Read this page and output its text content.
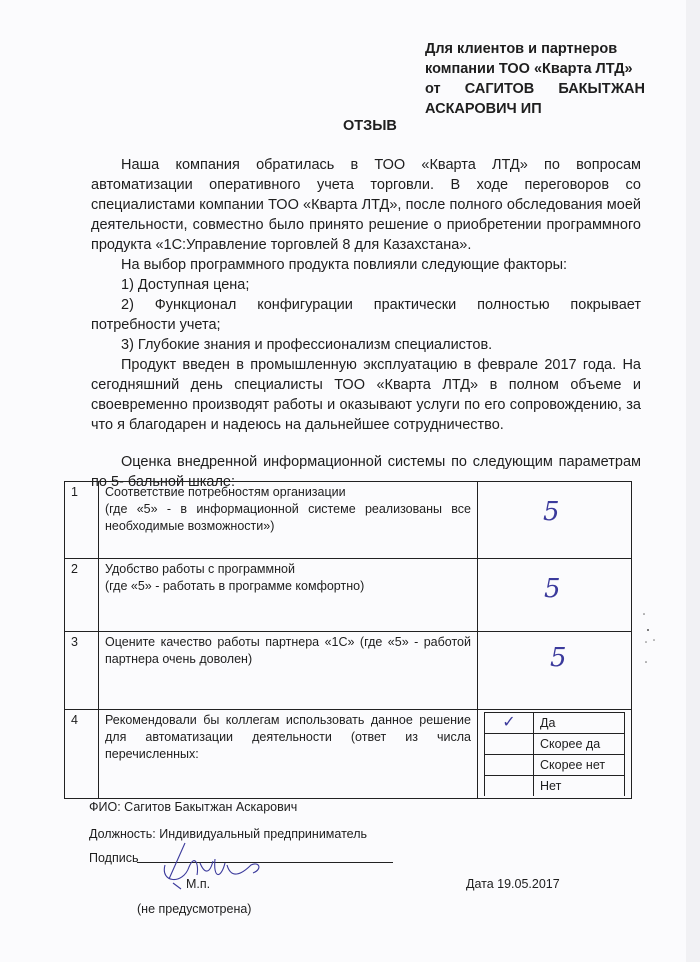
Для клиентов и партнеров
компании ТОО «Кварта ЛТД»
от САГИТОВ БАКЫТЖАН
АСКАРОВИЧ ИП
ОТЗЫВ
Наша компания обратилась в ТОО «Кварта ЛТД» по вопросам автоматизации оперативного учета торговли. В ходе переговоров со специалистами компании ТОО «Кварта ЛТД», после полного обследования моей деятельности, совместно было принято решение о приобретении программного продукта «1С:Управление торговлей 8 для Казахстана».
На выбор программного продукта повлияли следующие факторы:
1) Доступная цена;
2) Функционал конфигурации практически полностью покрывает потребности учета;
3) Глубокие знания и профессионализм специалистов.
Продукт введен в промышленную эксплуатацию в феврале 2017 года. На сегодняшний день специалисты ТОО «Кварта ЛТД» в полном объеме и своевременно производят работы и оказывают услуги по его сопровождению, за что я благодарен и надеюсь на дальнейшее сотрудничество.
Оценка внедренной информационной системы по следующим параметрам по 5- бальной шкале:
1	Соответствие потребностям организации
(где «5» - в информационной системе реализованы все необходимые возможности»)	5

2	Удобство работы с программной
(где «5» - работать в программе комфортно)	5

3	Оцените качество работы партнера «1С» (где «5» - работой партнера очень доволен)	5

4	Рекомендовали бы коллегам использовать данное решение для автоматизации деятельности (ответ из числа перечисленных:

✓	Да
	Скорее да
	Скорее нет
	Нет
ФИО: Сагитов Бакытжан Аскарович
Должность: Индивидуальный предприниматель
Подпись
М.п.
(не предусмотрена)
Дата 19.05.2017
